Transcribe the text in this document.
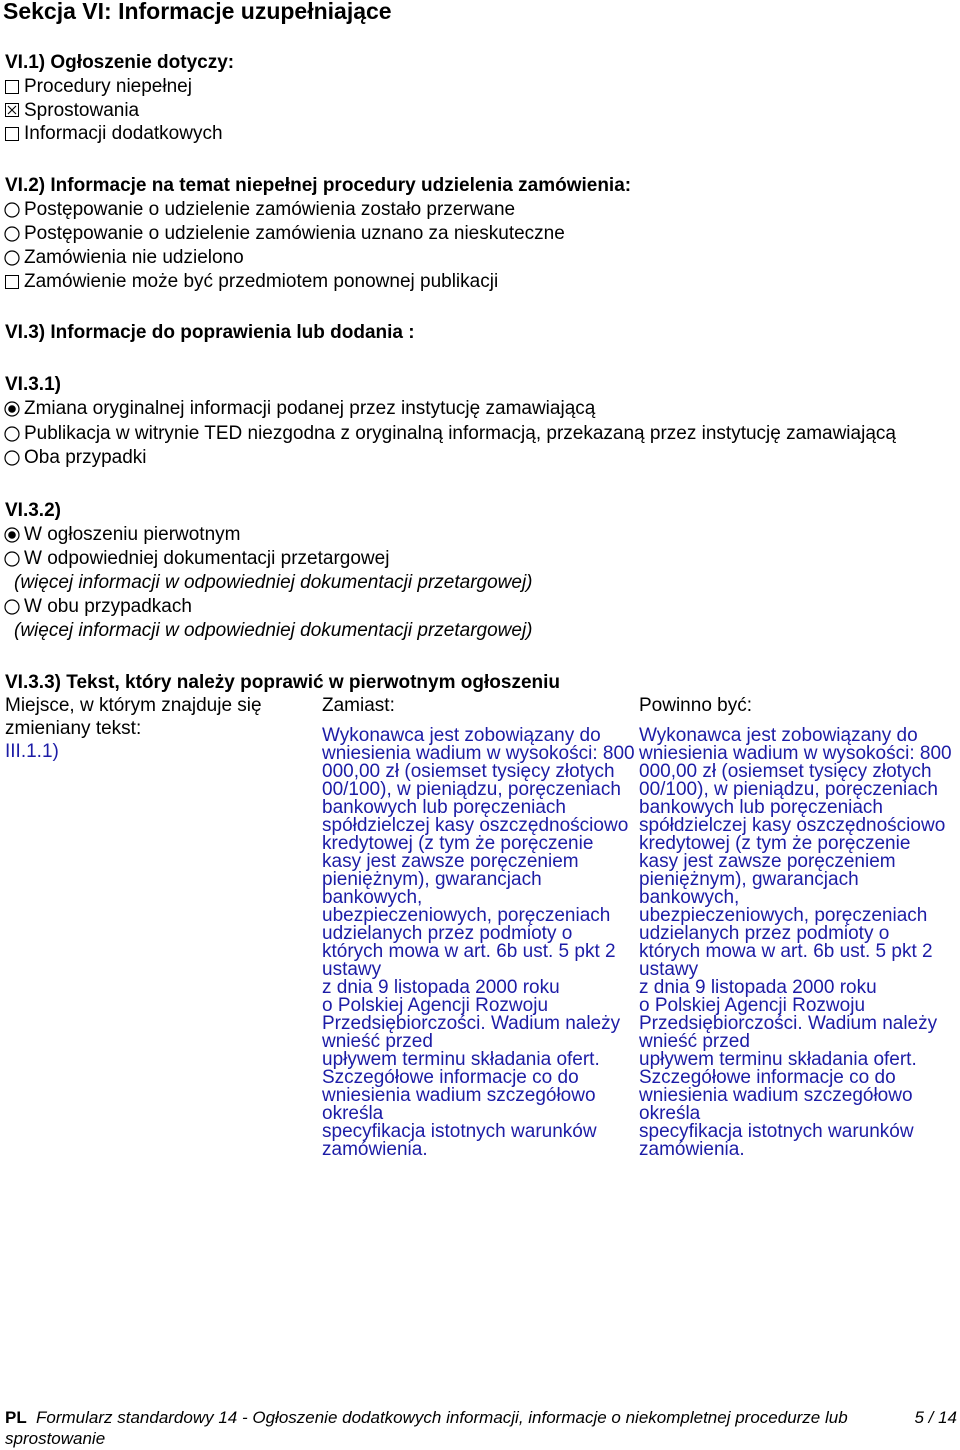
Sekcja VI: Informacje uzupełniające
VI.1) Ogłoszenie dotyczy:
Procedury niepełnej
Sprostowania
Informacji dodatkowych
VI.2) Informacje na temat niepełnej procedury udzielenia zamówienia:
Postępowanie o udzielenie zamówienia zostało przerwane
Postępowanie o udzielenie zamówienia uznano za nieskuteczne
Zamówienia nie udzielono
Zamówienie może być przedmiotem ponownej publikacji
VI.3) Informacje do poprawienia lub dodania :
VI.3.1)
Zmiana oryginalnej informacji podanej przez instytucję zamawiającą
Publikacja w witrynie TED niezgodna z oryginalną informacją, przekazaną przez instytucję zamawiającą
Oba przypadki
VI.3.2)
W ogłoszeniu pierwotnym
W odpowiedniej dokumentacji przetargowej
(więcej informacji w odpowiedniej dokumentacji przetargowej)
W obu przypadkach
(więcej informacji w odpowiedniej dokumentacji przetargowej)
VI.3.3) Tekst, który należy poprawić w pierwotnym ogłoszeniu
Miejsce, w którym znajduje się zmieniany tekst:
III.1.1)
Zamiast:
Wykonawca jest zobowiązany do
wniesienia wadium w wysokości: 800
000,00 zł (osiemset tysięcy złotych
00/100), w pieniądzu, poręczeniach
bankowych lub poręczeniach
spółdzielczej kasy oszczędnościowo
kredytowej (z tym że poręczenie
kasy jest zawsze poręczeniem
pieniężnym), gwarancjach
bankowych,
ubezpieczeniowych, poręczeniach
udzielanych przez podmioty o
których mowa w art. 6b ust. 5 pkt 2
ustawy
z dnia 9 listopada 2000 roku
o Polskiej Agencji Rozwoju
Przedsiębiorczości. Wadium należy
wnieść przed
upływem terminu składania ofert.
Szczegółowe informacje co do
wniesienia wadium szczegółowo
określa
specyfikacja istotnych warunków
zamówienia.
Powinno być:
Wykonawca jest zobowiązany do
wniesienia wadium w wysokości: 800
000,00 zł (osiemset tysięcy złotych
00/100), w pieniądzu, poręczeniach
bankowych lub poręczeniach
spółdzielczej kasy oszczędnościowo
kredytowej (z tym że poręczenie
kasy jest zawsze poręczeniem
pieniężnym), gwarancjach
bankowych,
ubezpieczeniowych, poręczeniach
udzielanych przez podmioty o
których mowa w art. 6b ust. 5 pkt 2
ustawy
z dnia 9 listopada 2000 roku
o Polskiej Agencji Rozwoju
Przedsiębiorczości. Wadium należy
wnieść przed
upływem terminu składania ofert.
Szczegółowe informacje co do
wniesienia wadium szczegółowo
określa
specyfikacja istotnych warunków
zamówienia.
PL Formularz standardowy 14 - Ogłoszenie dodatkowych informacji, informacje o niekompletnej procedurze lub
sprostowanie
5 / 14
